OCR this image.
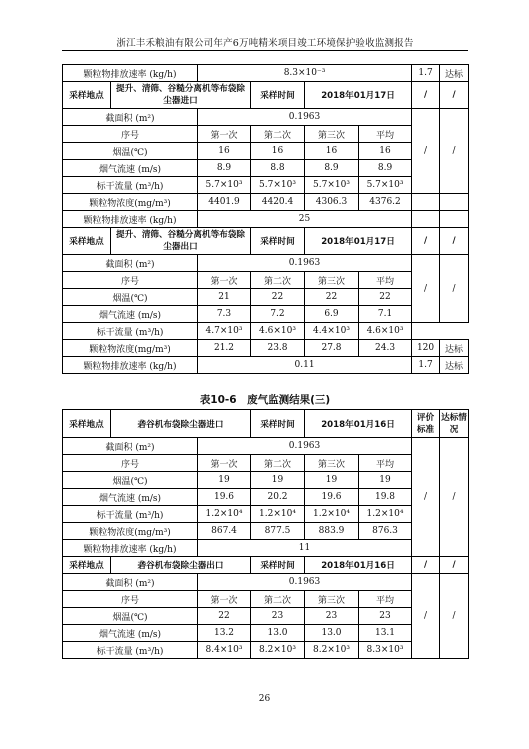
浙江丰禾粮油有限公司年产6万吨精米项目竣工环境保护验收监测报告
颗粒物排放速率 (kg/h)		8.3×10⁻³				1.7	达标
采样地点	提升、清筛、谷糙分离机等布袋除尘器进口		采样时间	2018年01月17日		/	/
截面积 (m²)		0.1963				/	/
序号		第一次	第二次	第三次	平均		
烟温(℃)		16	16	16	16		
烟气流速 (m/s)		8.9	8.8	8.9	8.9		
标干流量 (m³/h)		5.7×10³	5.7×10³	5.7×10³	5.7×10³		
颗粒物浓度(mg/m³)		4401.9	4420.4	4306.3	4376.2		
颗粒物排放速率 (kg/h)		25					
采样地点	提升、清筛、谷糙分离机等布袋除尘器出口		采样时间	2018年01月17日		/	/
截面积 (m²)		0.1963				/	/
序号		第一次	第二次	第三次	平均		
烟温(℃)		21	22	22	22		
烟气流速 (m/s)		7.3	7.2	6.9	7.1		
标干流量 (m³/h)		4.7×10³	4.6×10³	4.4×10³	4.6×10³		
颗粒物浓度(mg/m³)		21.2	23.8	27.8	24.3	120	达标
颗粒物排放速率 (kg/h)		0.11				1.7	达标
表10-6　废气监测结果(三)
采样地点	砻谷机布袋除尘器进口		采样时间	2018年01月16日		评价标准	达标情况
截面积 (m²)		0.1963				/	/
序号		第一次	第二次	第三次	平均		
烟温(℃)		19	19	19	19		
烟气流速 (m/s)		19.6	20.2	19.6	19.8		
标干流量 (m³/h)		1.2×10⁴	1.2×10⁴	1.2×10⁴	1.2×10⁴		
颗粒物浓度(mg/m³)		867.4	877.5	883.9	876.3		
颗粒物排放速率 (kg/h)		11					
采样地点	砻谷机布袋除尘器出口		采样时间	2018年01月16日		/	/
截面积 (m²)		0.1963				/	/
序号		第一次	第二次	第三次	平均		
烟温(℃)		22	23	23	23		
烟气流速 (m/s)		13.2	13.0	13.0	13.1		
标干流量 (m³/h)		8.4×10³	8.2×10³	8.2×10³	8.3×10³		
26
